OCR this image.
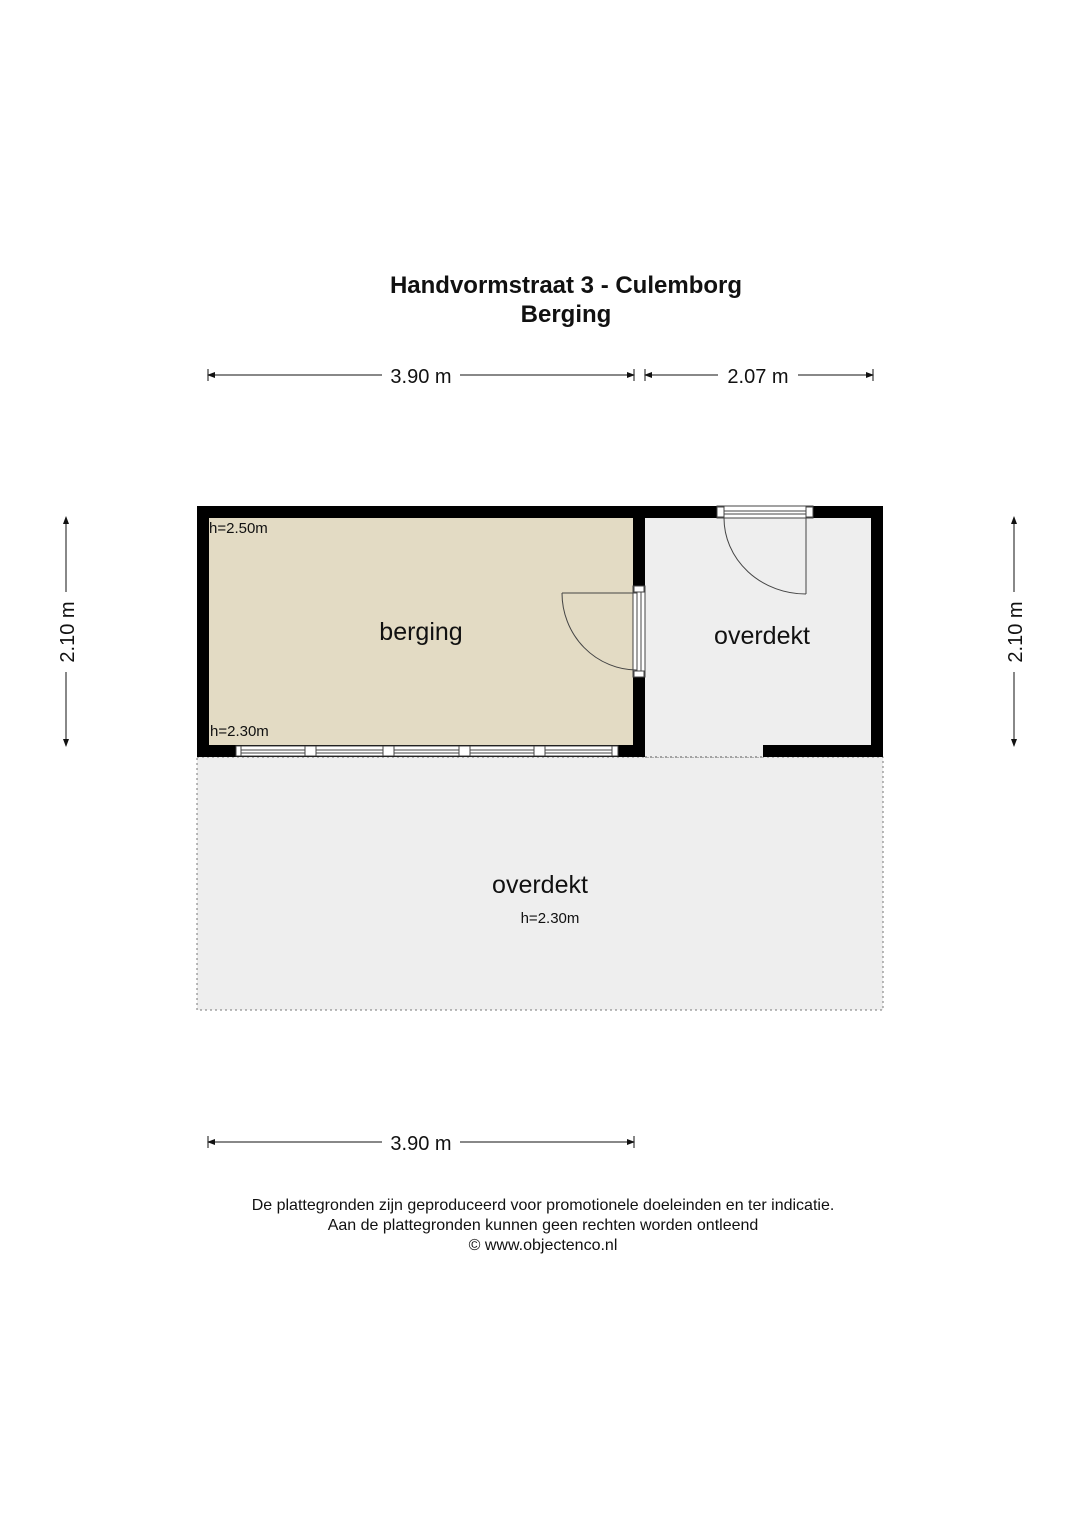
Handvormstraat 3 - Culemborg
Berging
3.90 m	2.07 m
2.10 m	2.10 m
berging
h=2.50m
h=2.30m
overdekt
overdekt
h=2.30m
3.90 m
De plattegronden zijn geproduceerd voor promotionele doeleinden en ter indicatie.
Aan de plattegronden kunnen geen rechten worden ontleend
© www.objectenco.nl
